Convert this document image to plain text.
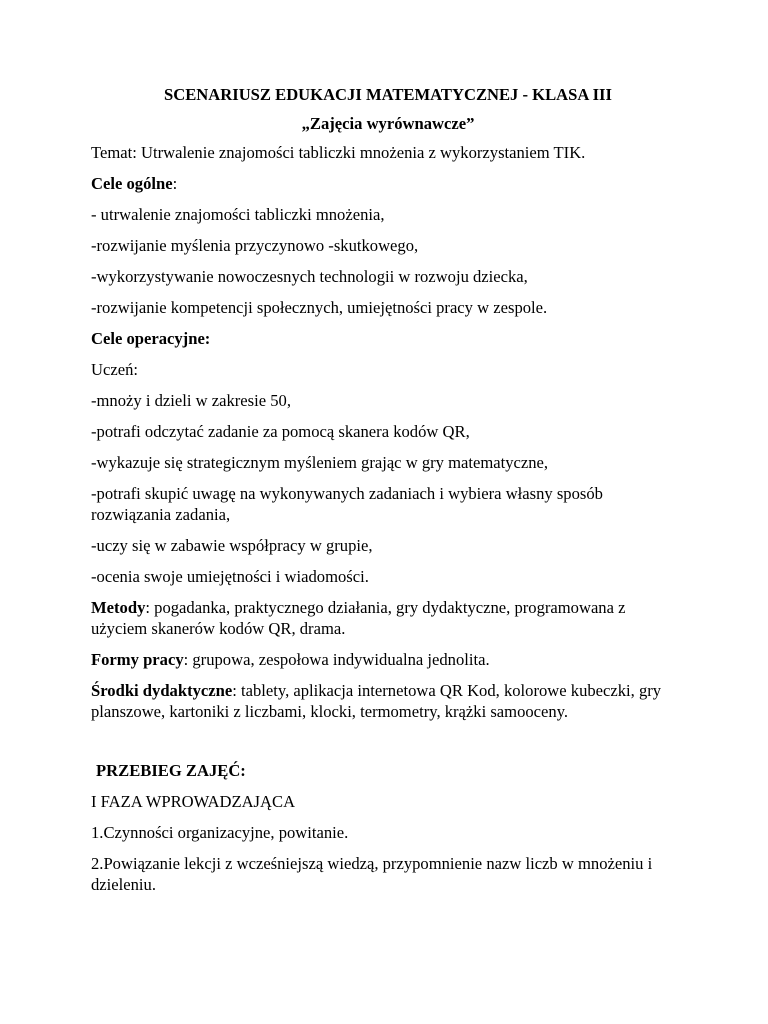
SCENARIUSZ EDUKACJI MATEMATYCZNEJ - KLASA III
„Zajęcia wyrównawcze”

Temat: Utrwalenie znajomości tabliczki mnożenia z wykorzystaniem TIK.

Cele ogólne:

- utrwalenie znajomości tabliczki mnożenia,

-rozwijanie myślenia przyczynowo -skutkowego,

-wykorzystywanie nowoczesnych technologii w rozwoju dziecka,

-rozwijanie kompetencji społecznych, umiejętności pracy w zespole.

Cele operacyjne:

Uczeń:

-mnoży i dzieli w zakresie 50,

-potrafi odczytać zadanie za pomocą skanera kodów QR,

-wykazuje się strategicznym myśleniem grając w gry matematyczne,

-potrafi skupić uwagę na wykonywanych zadaniach i wybiera własny sposób rozwiązania zadania,

-uczy się w zabawie współpracy w grupie,

-ocenia swoje umiejętności i wiadomości.

Metody: pogadanka, praktycznego działania, gry dydaktyczne, programowana z użyciem skanerów kodów QR, drama.

Formy pracy: grupowa, zespołowa indywidualna jednolita.

Środki dydaktyczne: tablety, aplikacja internetowa QR Kod, kolorowe kubeczki, gry planszowe, kartoniki z liczbami, klocki, termometry, krążki samooceny.

PRZEBIEG ZAJĘĆ:

I FAZA WPROWADZAJĄCA

1.Czynności organizacyjne, powitanie.

2.Powiązanie lekcji z wcześniejszą wiedzą, przypomnienie nazw liczb w mnożeniu i dzieleniu.
